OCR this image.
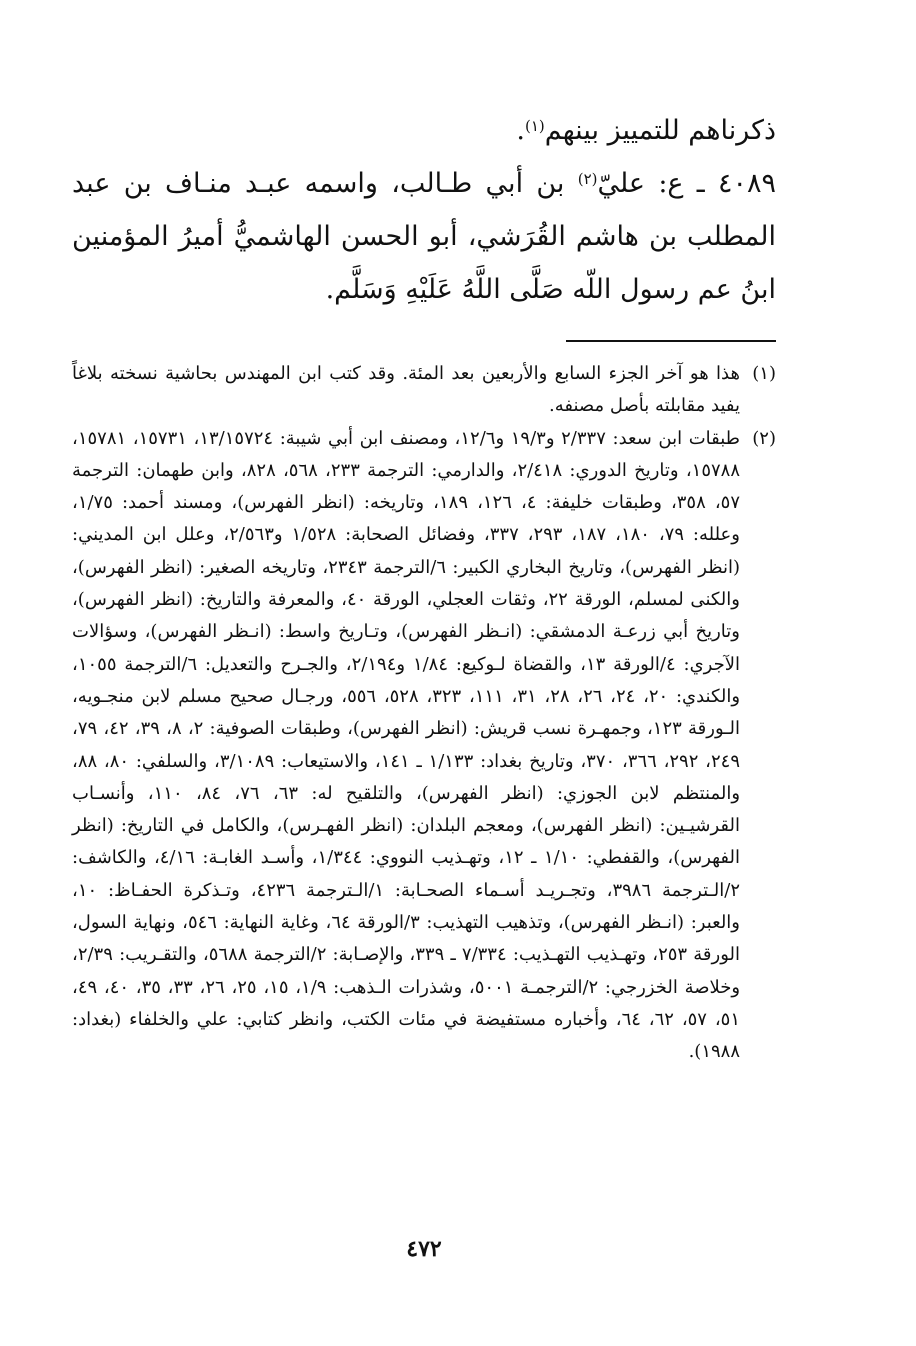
ذكرناهم للتمييز بينهم$^{(١)}$.

٤٠٨٩ ـ ع: عليّ$^{(٢)}$ بن أبي طـالب، واسمه عبـد منـاف بن عبد المطلب بن هاشم القُرَشي، أبو الحسن الهاشميُّ أميرُ المؤمنين ابنُ عم رسول اللّه صَلَّى اللَّهُ عَلَيْهِ وَسَلَّم.

(١)
هذا هو آخر الجزء السابع والأربعين بعد المئة. وقد كتب ابن المهندس بحاشية نسخته بلاغاً يفيد مقابلته بأصل مصنفه.

(٢)
طبقات ابن سعد: ٢/٣٣٧ و١٩/٣ و١٢/٦، ومصنف ابن أبي شيبة: ١٣/١٥٧٢٤، ١٥٧٣١، ١٥٧٨١، ١٥٧٨٨، وتاريخ الدوري: ٢/٤١٨، والدارمي: الترجمة ٢٣٣، ٥٦٨، ٨٢٨، وابن طهمان: الترجمة ٥٧، ٣٥٨، وطبقات خليفة: ٤، ١٢٦، ١٨٩، وتاريخه: (انظر الفهرس)، ومسند أحمد: ١/٧٥، وعلله: ٧٩، ١٨٠، ١٨٧، ٢٩٣، ٣٣٧، وفضائل الصحابة: ١/٥٢٨ و٢/٥٦٣، وعلل ابن المديني: (انظر الفهرس)، وتاريخ البخاري الكبير: ٦/الترجمة ٢٣٤٣، وتاريخه الصغير: (انظر الفهرس)، والكنى لمسلم، الورقة ٢٢، وثقات العجلي، الورقة ٤٠، والمعرفة والتاريخ: (انظر الفهرس)، وتاريخ أبي زرعـة الدمشقي: (انـظر الفهرس)، وتـاريخ واسط: (انـظر الفهرس)، وسؤالات الآجري: ٤/الورقة ١٣، والقضاة لـوكيع: ١/٨٤ و٢/١٩٤، والجـرح والتعديل: ٦/الترجمة ١٠٥٥، والكندي: ٢٠، ٢٤، ٢٦، ٢٨، ٣١، ١١١، ٣٢٣، ٥٢٨، ٥٥٦، ورجـال صحيح مسلم لابن منجـويه، الـورقة ١٢٣، وجمهـرة نسب قريش: (انظر الفهرس)، وطبقات الصوفية: ٢، ٨، ٣٩، ٤٢، ٧٩، ٢٤٩، ٢٩٢، ٣٦٦، ٣٧٠، وتاريخ بغداد: ١/١٣٣ ـ ١٤١، والاستيعاب: ٣/١٠٨٩، والسلفي: ٨٠، ٨٨، والمنتظم لابن الجوزي: (انظر الفهرس)، والتلقيح له: ٦٣، ٧٦، ٨٤، ١١٠، وأنسـاب القرشيـين: (انظر الفهرس)، ومعجم البلدان: (انظر الفهـرس)، والكامل في التاريخ: (انظر الفهرس)، والقفطي: ١/١٠ ـ ١٢، وتهـذيب النووي: ١/٣٤٤، وأسـد الغابـة: ٤/١٦، والكاشف: ٢/الـترجمة ٣٩٨٦، وتجـريـد أسـماء الصحـابة: ١/الـترجمة ٤٢٣٦، وتـذكرة الحفـاظ: ١٠، والعبر: (انـظر الفهرس)، وتذهيب التهذيب: ٣/الورقة ٦٤، وغاية النهاية: ٥٤٦، ونهاية السول، الورقة ٢٥٣، وتهـذيب التهـذيب: ٧/٣٣٤ ـ ٣٣٩، والإصـابة: ٢/الترجمة ٥٦٨٨، والتقـريب: ٢/٣٩، وخلاصة الخزرجي: ٢/الترجمـة ٥٠٠١، وشذرات الـذهب: ١/٩، ١٥، ٢٥، ٢٦، ٣٣، ٣٥، ٤٠، ٤٩، ٥١، ٥٧، ٦٢، ٦٤، وأخباره مستفيضة في مئات الكتب، وانظر كتابي: علي والخلفاء (بغداد: ١٩٨٨).

٤٧٢
